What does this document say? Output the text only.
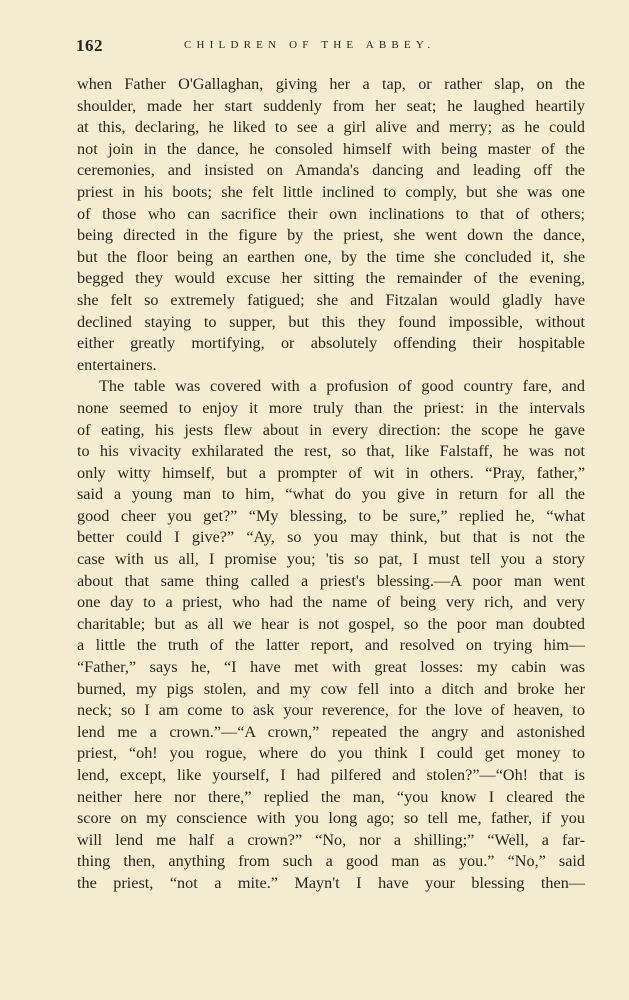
162	CHILDREN OF THE ABBEY.
when Father O'Gallaghan, giving her a tap, or rather slap, on the
shoulder, made her start suddenly from her seat; he laughed heartily
at this, declaring, he liked to see a girl alive and merry; as he could
not join in the dance, he consoled himself with being master of the
ceremonies, and insisted on Amanda's dancing and leading off the
priest in his boots; she felt little inclined to comply, but she was one
of those who can sacrifice their own inclinations to that of others;
being directed in the figure by the priest, she went down the dance,
but the floor being an earthen one, by the time she concluded it, she
begged they would excuse her sitting the remainder of the evening,
she felt so extremely fatigued; she and Fitzalan would gladly have
declined staying to supper, but this they found impossible, without
either greatly mortifying, or absolutely offending their hospitable
entertainers.
The table was covered with a profusion of good country fare, and
none seemed to enjoy it more truly than the priest: in the intervals
of eating, his jests flew about in every direction: the scope he gave
to his vivacity exhilarated the rest, so that, like Falstaff, he was not
only witty himself, but a prompter of wit in others. “Pray, father,”
said a young man to him, “what do you give in return for all the
good cheer you get?” “My blessing, to be sure,” replied he, “what
better could I give?” “Ay, so you may think, but that is not the
case with us all, I promise you; 'tis so pat, I must tell you a story
about that same thing called a priest's blessing.—A poor man went
one day to a priest, who had the name of being very rich, and very
charitable; but as all we hear is not gospel, so the poor man doubted
a little the truth of the latter report, and resolved on trying him—
“Father,” says he, “I have met with great losses: my cabin was
burned, my pigs stolen, and my cow fell into a ditch and broke her
neck; so I am come to ask your reverence, for the love of heaven, to
lend me a crown.”—“A crown,” repeated the angry and astonished
priest, “oh! you rogue, where do you think I could get money to
lend, except, like yourself, I had pilfered and stolen?”—“Oh! that is
neither here nor there,” replied the man, “you know I cleared the
score on my conscience with you long ago; so tell me, father, if you
will lend me half a crown?” “No, nor a shilling;” “Well, a far-
thing then, anything from such a good man as you.” “No,” said
the priest, “not a mite.” Mayn't I have your blessing then—
